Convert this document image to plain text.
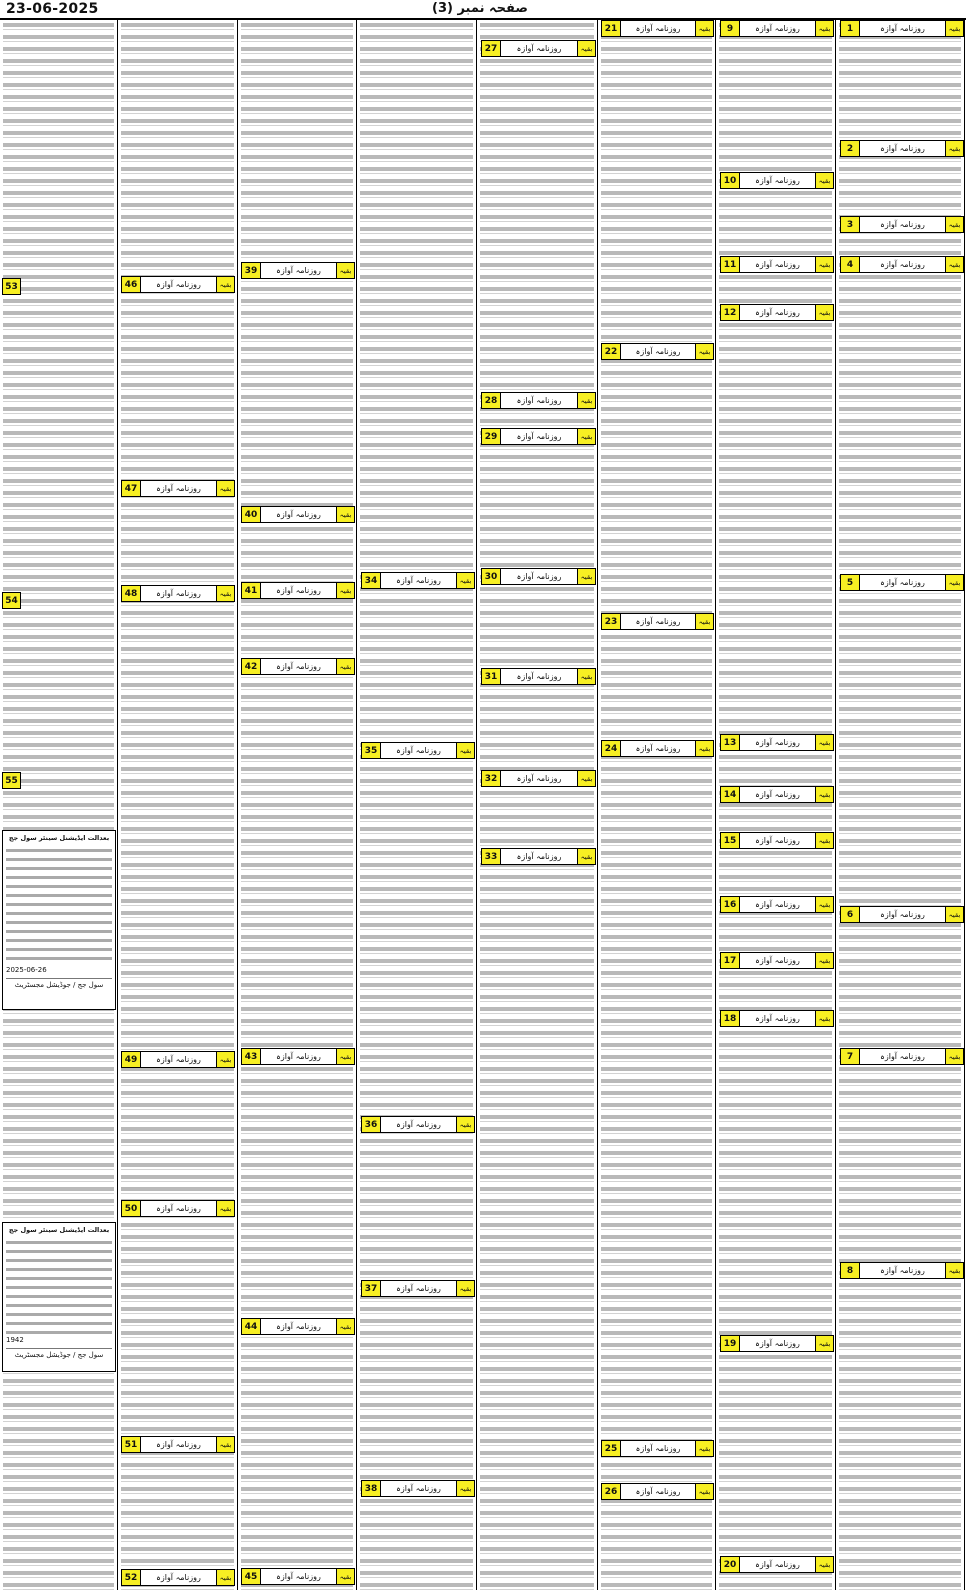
23-06-2025	صفحہ نمبر (3)
بقیہ
روزنامہ آوازہ
1
بقیہ
روزنامہ آوازہ
2
بقیہ
روزنامہ آوازہ
3
بقیہ
روزنامہ آوازہ
4
بقیہ
روزنامہ آوازہ
5
بقیہ
روزنامہ آوازہ
6
بقیہ
روزنامہ آوازہ
7
بقیہ
روزنامہ آوازہ
8
بقیہ
روزنامہ آوازہ
9
بقیہ
روزنامہ آوازہ
10
بقیہ
روزنامہ آوازہ
11
بقیہ
روزنامہ آوازہ
12
بقیہ
روزنامہ آوازہ
13
بقیہ
روزنامہ آوازہ
14
بقیہ
روزنامہ آوازہ
15
بقیہ
روزنامہ آوازہ
16
بقیہ
روزنامہ آوازہ
17
بقیہ
روزنامہ آوازہ
18
بقیہ
روزنامہ آوازہ
19
بقیہ
روزنامہ آوازہ
20
بقیہ
روزنامہ آوازہ
21
بقیہ
روزنامہ آوازہ
22
بقیہ
روزنامہ آوازہ
23
بقیہ
روزنامہ آوازہ
24
بقیہ
روزنامہ آوازہ
25
بقیہ
روزنامہ آوازہ
26
بقیہ
روزنامہ آوازہ
27
بقیہ
روزنامہ آوازہ
28
بقیہ
روزنامہ آوازہ
29
بقیہ
روزنامہ آوازہ
30
بقیہ
روزنامہ آوازہ
31
بقیہ
روزنامہ آوازہ
32
بقیہ
روزنامہ آوازہ
33
بقیہ
روزنامہ آوازہ
34
بقیہ
روزنامہ آوازہ
35
بقیہ
روزنامہ آوازہ
36
بقیہ
روزنامہ آوازہ
37
بقیہ
روزنامہ آوازہ
38
بقیہ
روزنامہ آوازہ
39
بقیہ
روزنامہ آوازہ
40
بقیہ
روزنامہ آوازہ
41
بقیہ
روزنامہ آوازہ
42
بقیہ
روزنامہ آوازہ
43
بقیہ
روزنامہ آوازہ
44
بقیہ
روزنامہ آوازہ
45
بقیہ
روزنامہ آوازہ
46
بقیہ
روزنامہ آوازہ
47
بقیہ
روزنامہ آوازہ
48
بقیہ
روزنامہ آوازہ
49
بقیہ
روزنامہ آوازہ
50
بقیہ
روزنامہ آوازہ
51
بقیہ
روزنامہ آوازہ
52
53
54
55
بعدالت ایڈیشنل سینئر سول جج
2025-06-26
سول جج / جوڈیشل مجسٹریٹ
بعدالت ایڈیشنل سینئر سول جج
1942
سول جج / جوڈیشل مجسٹریٹ
